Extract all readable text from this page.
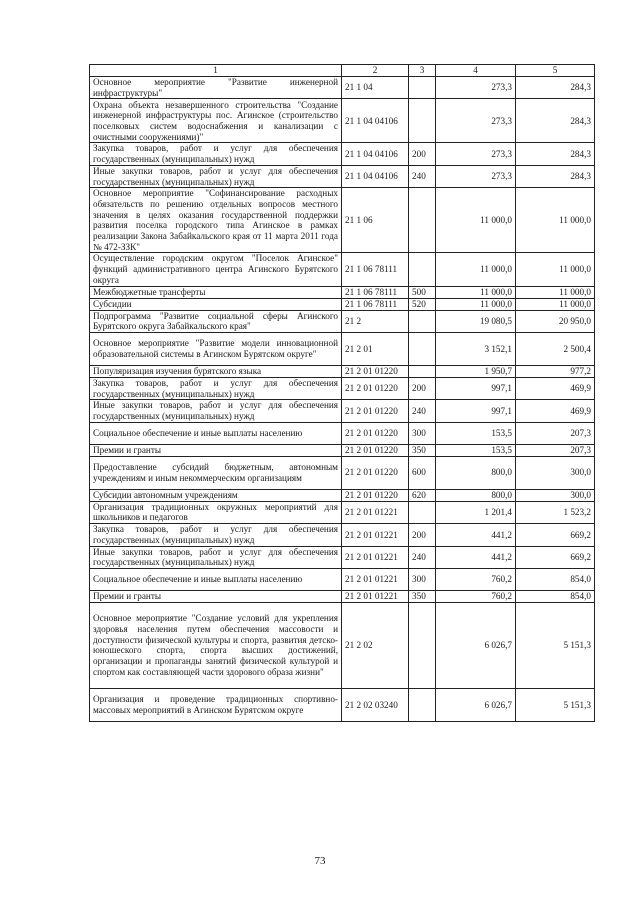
1	2	3	4	5
Основное мероприятие "Развитие инженерной инфраструктуры"	21 1 04		273,3	284,3
Охрана объекта незавершенного строительства "Создание инженерной инфраструктуры пос. Агинское (строительство поселковых систем водоснабжения и канализации с очистными сооружениями)"	21 1 04 04106		273,3	284,3
Закупка товаров, работ и услуг для обеспечения государственных (муниципальных) нужд	21 1 04 04106	200	273,3	284,3
Иные закупки товаров, работ и услуг для обеспечения государственных (муниципальных) нужд	21 1 04 04106	240	273,3	284,3
Основное мероприятие "Софинансирование расходных обязательств по решению отдельных вопросов местного значения в целях оказания государственной поддержки развития поселка городского типа Агинское в рамках реализации Закона Забайкальского края от 11 марта 2011 года № 472-ЗЗК"	21 1 06		11 000,0	11 000,0
Осуществление городским округом "Поселок Агинское" функций административного центра Агинского Бурятского округа	21 1 06 78111		11 000,0	11 000,0
Межбюджетные трансферты	21 1 06 78111	500	11 000,0	11 000,0
Субсидии	21 1 06 78111	520	11 000,0	11 000,0
Подпрограмма "Развитие социальной сферы Агинского Бурятского округа Забайкальского края"	21 2		19 080,5	20 950,0
Основное мероприятие "Развитие модели инновационной образовательной системы в Агинском Бурятском округе"	21 2 01		3 152,1	2 500,4
Популяризация изучения бурятского языка	21 2 01 01220		1 950,7	977,2
Закупка товаров, работ и услуг для обеспечения государственных (муниципальных) нужд	21 2 01 01220	200	997,1	469,9
Иные закупки товаров, работ и услуг для обеспечения государственных (муниципальных) нужд	21 2 01 01220	240	997,1	469,9
Социальное обеспечение и иные выплаты населению	21 2 01 01220	300	153,5	207,3
Премии и гранты	21 2 01 01220	350	153,5	207,3
Предоставление субсидий бюджетным, автономным учреждениям и иным некоммерческим организациям	21 2 01 01220	600	800,0	300,0
Субсидии автономным учреждениям	21 2 01 01220	620	800,0	300,0
Организация традиционных окружных мероприятий для школьников и педагогов	21 2 01 01221		1 201,4	1 523,2
Закупка товаров, работ и услуг для обеспечения государственных (муниципальных) нужд	21 2 01 01221	200	441,2	669,2
Иные закупки товаров, работ и услуг для обеспечения государственных (муниципальных) нужд	21 2 01 01221	240	441,2	669,2
Социальное обеспечение и иные выплаты населению	21 2 01 01221	300	760,2	854,0
Премии и гранты	21 2 01 01221	350	760,2	854,0
Основное мероприятие "Создание условий для укрепления здоровья населения путем обеспечения массовости и доступности физической культуры и спорта, развития детско-юношеского спорта, спорта высших достижений, организации и пропаганды занятий физической культурой и спортом как составляющей части здорового образа жизни"	21 2 02		6 026,7	5 151,3
Организация и проведение традиционных спортивно-массовых мероприятий в Агинском Бурятском округе	21 2 02 03240		6 026,7	5 151,3
73
